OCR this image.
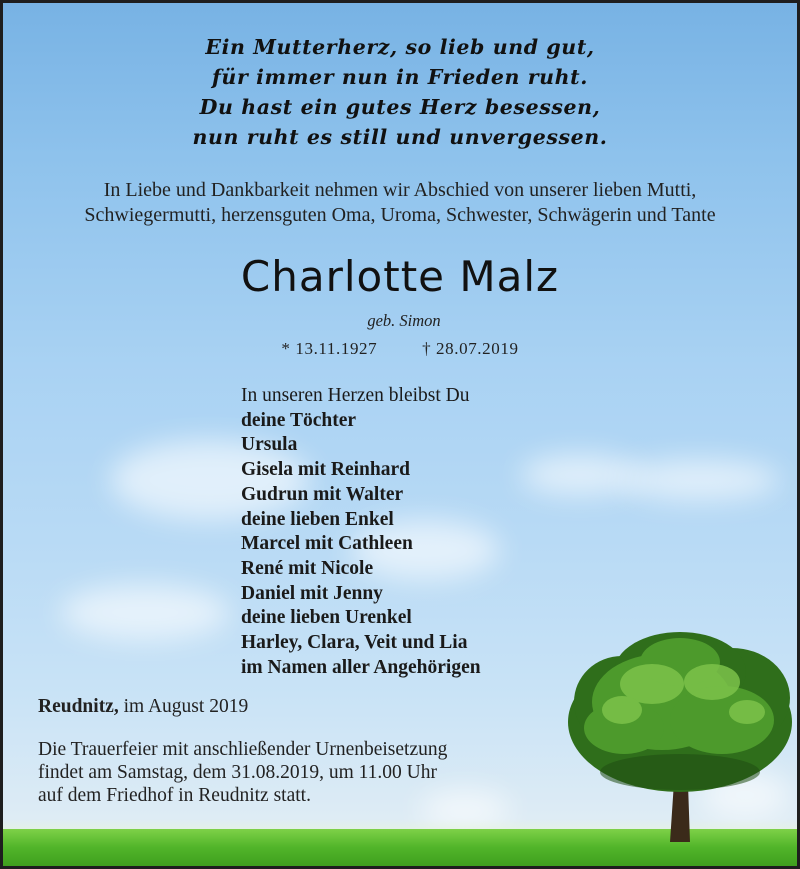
Ein Mutterherz, so lieb und gut,

für immer nun in Frieden ruht.

Du hast ein gutes Herz besessen,

nun ruht es still und unvergessen.

In Liebe und Dankbarkeit nehmen wir Abschied von unserer lieben Mutti,

Schwiegermutti, herzensguten Oma, Uroma, Schwester, Schwägerin und Tante

Charlotte Malz

geb. Simon

* 13.11.1927	† 28.07.2019

In unseren Herzen bleibst Du
deine Töchter
Ursula
Gisela mit Reinhard
Gudrun mit Walter
deine lieben Enkel
Marcel mit Cathleen
René mit Nicole
Daniel mit Jenny
deine lieben Urenkel
Harley, Clara, Veit und Lia
im Namen aller Angehörigen
Reudnitz, im August 2019
Die Trauerfeier mit anschließender Urnenbeisetzung
findet am Samstag, dem 31.08.2019, um 11.00 Uhr
auf dem Friedhof in Reudnitz statt.
